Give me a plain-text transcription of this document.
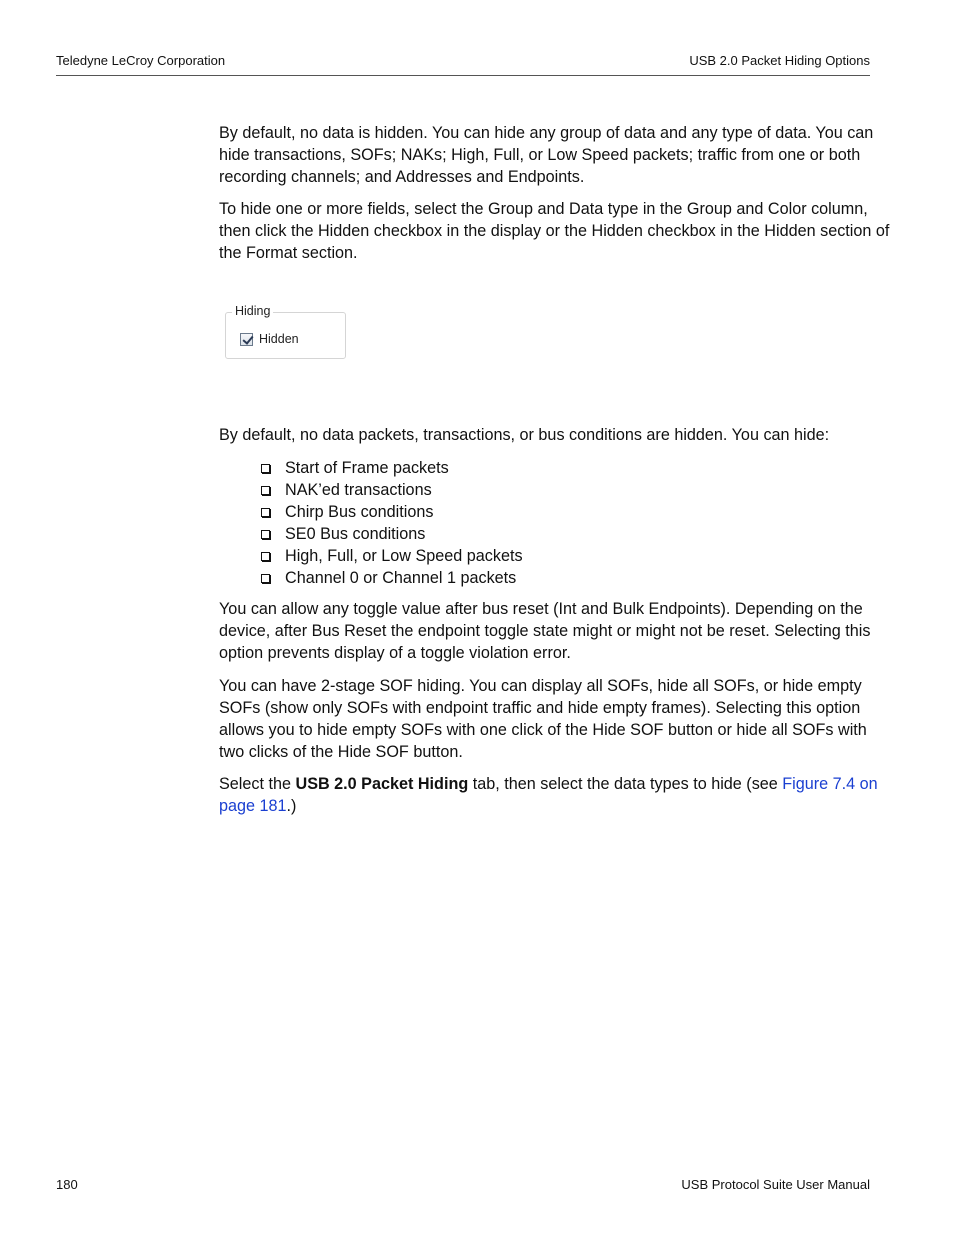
Teledyne LeCroy Corporation	USB 2.0 Packet Hiding Options

By default, no data is hidden. You can hide any group of data and any type of data. You can hide transactions, SOFs; NAKs; High, Full, or Low Speed packets; traffic from one or both recording channels; and Addresses and Endpoints.

To hide one or more fields, select the Group and Data type in the Group and Color column, then click the Hidden checkbox in the display or the Hidden checkbox in the Hidden section of the Format section.

Hiding
Hidden

By default, no data packets, transactions, or bus conditions are hidden. You can hide:

Start of Frame packets
NAK’ed transactions
Chirp Bus conditions
SE0 Bus conditions
High, Full, or Low Speed packets
Channel 0 or Channel 1 packets

You can allow any toggle value after bus reset (Int and Bulk Endpoints). Depending on the device, after Bus Reset the endpoint toggle state might or might not be reset. Selecting this option prevents display of a toggle violation error.

You can have 2-stage SOF hiding. You can display all SOFs, hide all SOFs, or hide empty SOFs (show only SOFs with endpoint traffic and hide empty frames). Selecting this option allows you to hide empty SOFs with one click of the Hide SOF button or hide all SOFs with two clicks of the Hide SOF button.

Select the USB 2.0 Packet Hiding tab, then select the data types to hide (see Figure 7.4 on page 181.)

180	USB Protocol Suite User Manual
